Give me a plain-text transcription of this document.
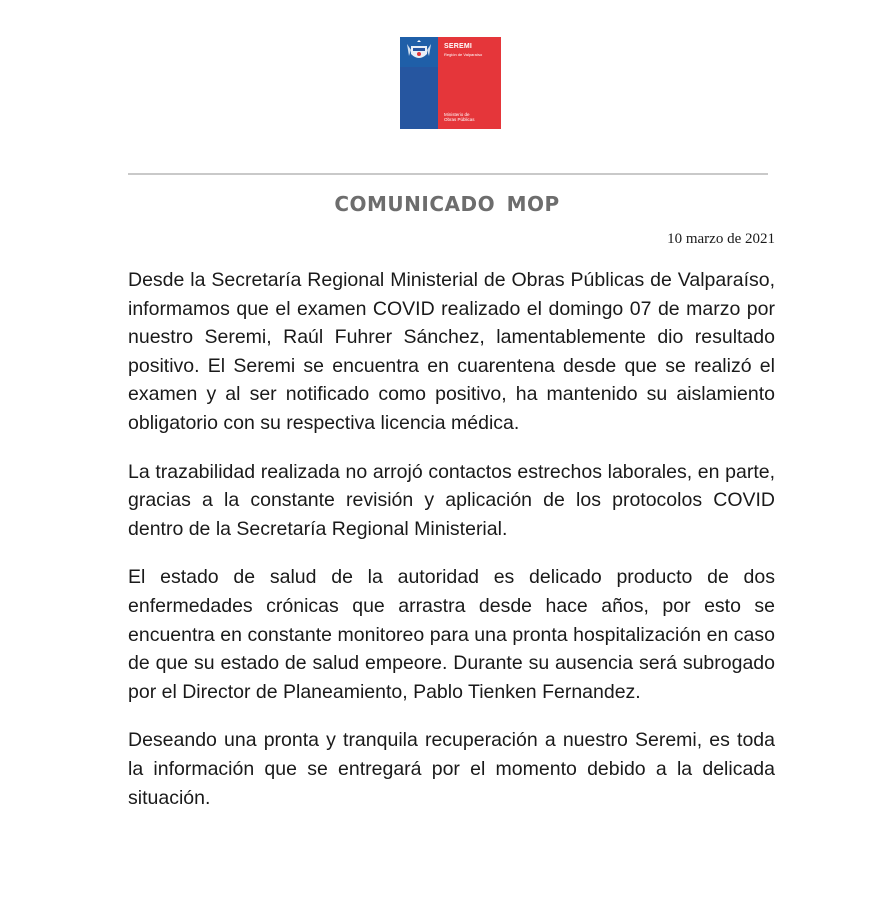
SEREMI
Región de Valparaíso
Ministerio de
Obras Públicas
COMUNICADO MOP
10 marzo de 2021

Desde la Secretaría Regional Ministerial de Obras Públicas de Valparaíso, informamos que el examen COVID realizado el domingo 07 de marzo por nuestro Seremi, Raúl Fuhrer Sánchez, lamentablemente dio resultado positivo. El Seremi se encuentra en cuarentena desde que se realizó el examen y al ser notificado como positivo, ha mantenido su aislamiento obligatorio con su respectiva licencia médica.

La trazabilidad realizada no arrojó contactos estrechos laborales, en parte, gracias a la constante revisión y aplicación de los protocolos COVID dentro de la Secretaría Regional Ministerial.

El estado de salud de la autoridad es delicado producto de dos enfermedades crónicas que arrastra desde hace años, por esto se encuentra en constante monitoreo para una pronta hospitalización en caso de que su estado de salud empeore. Durante su ausencia será subrogado por el Director de Planeamiento, Pablo Tienken Fernandez.

Deseando una pronta y tranquila recuperación a nuestro Seremi, es toda la información que se entregará por el momento debido a la delicada situación.
